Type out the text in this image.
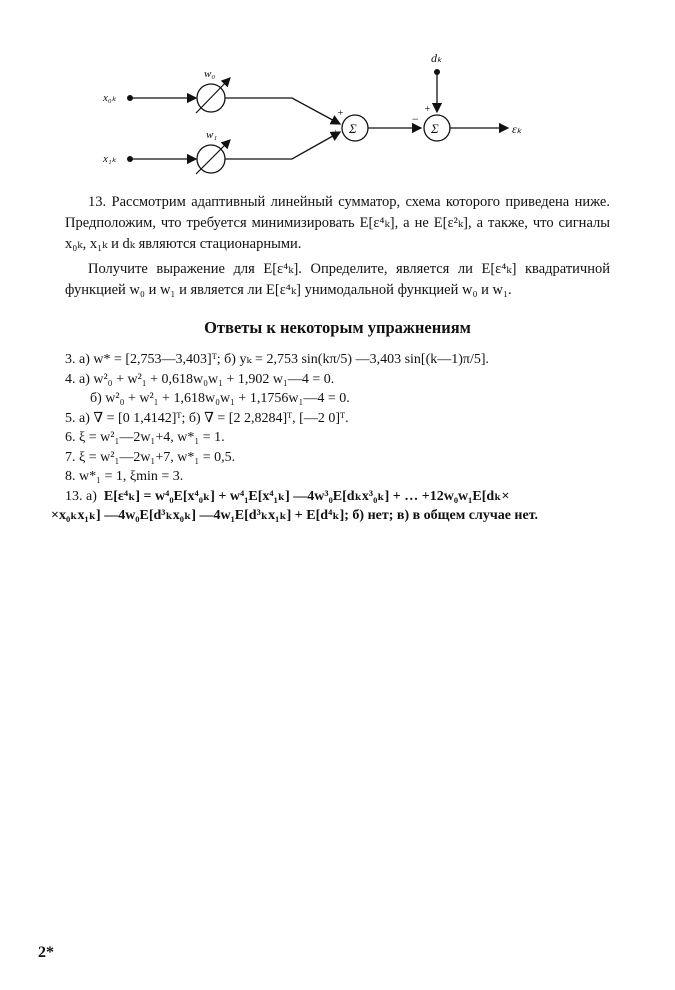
x₀ₖ
x₁ₖ
w₀
w₁
+
+ Σ
−
dₖ
+
Σ	εₖ

13. Рассмотрим адаптивный линейный сумматор, схема которого приведена ниже. Предположим, что требуется минимизировать E[ε⁴ₖ], а не E[ε²ₖ], а также, что сигналы x₀ₖ, x₁ₖ и dₖ являются стационарными.

Получите выражение для E[ε⁴ₖ]. Определите, является ли E[ε⁴ₖ] квадратичной функцией w₀ и w₁ и является ли E[ε⁴ₖ] унимодальной функцией w₀ и w₁.

Ответы к некоторым упражнениям
3. а) w* = [2,753—3,403]ᵀ; б) yₖ = 2,753 sin(kπ/5) —3,403 sin[(k—1)π/5].
4. а) w²₀ + w²₁ + 0,618w₀w₁ + 1,902 w₁—4 = 0.
б) w²₀ + w²₁ + 1,618w₀w₁ + 1,1756w₁—4 = 0.
5. а) ∇ = [0 1,4142]ᵀ; б) ∇ = [2 2,8284]ᵀ, [—2 0]ᵀ.
6. ξ = w²₁—2w₁+4, w*₁ = 1.
7. ξ = w²₁—2w₁+7, w*₁ = 0,5.
8. w*₁ = 1, ξmin = 3.
13. а) E[ε⁴ₖ] = w⁴₀E[x⁴₀ₖ] + w⁴₁E[x⁴₁ₖ] —4w³₀E[dₖx³₀ₖ] + … +12w₀w₁E[dₖ×
×x₀ₖx₁ₖ] —4w₀E[d³ₖx₀ₖ] —4w₁E[d³ₖx₁ₖ] + E[d⁴ₖ]; б) нет; в) в общем случае нет.
2*
